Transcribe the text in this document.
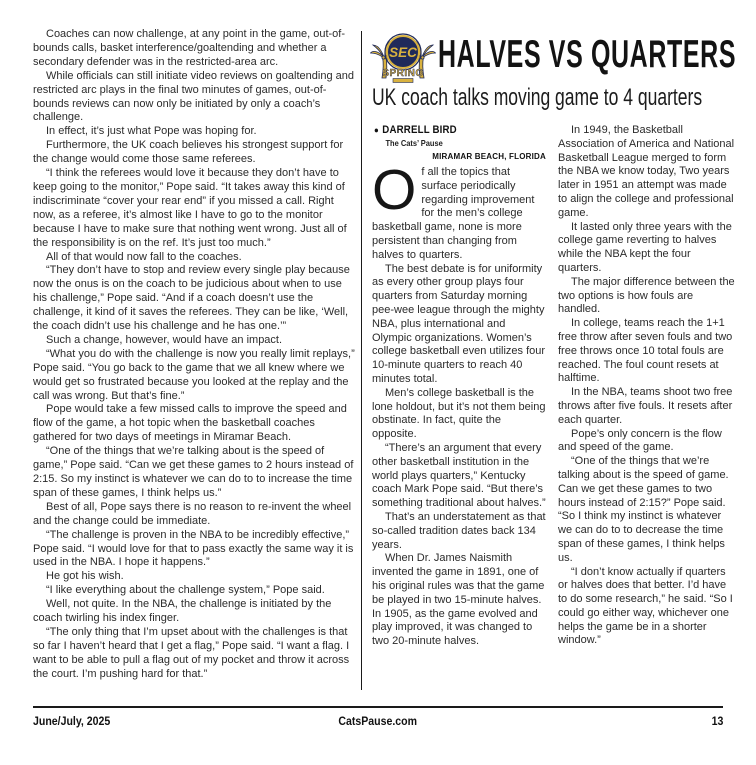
Coaches can now challenge, at any point in the game, out-of-bounds calls, basket interference/goaltending and whether a secondary defender was in the restricted-area arc.

While officials can still initiate video reviews on goaltending and restricted arc plays in the final two minutes of games, out-of-bounds reviews can now only be initiated by only a coach’s challenge.

In effect, it’s just what Pope was hoping for.

Furthermore, the UK coach believes his strongest support for the change would come those same referees.

“I think the referees would love it because they don’t have to keep going to the monitor,” Pope said. “It takes away this kind of indiscriminate “cover your rear end” if you missed a call. Right now, as a referee, it’s almost like I have to go to the monitor because I have to make sure that nothing went wrong. Just all of the responsibility is on the ref. It’s just too much.”

All of that would now fall to the coaches.

“They don’t have to stop and review every single play because now the onus is on the coach to be judicious about when to use his challenge,” Pope said. “And if a coach doesn’t use the challenge, it kind of it saves the referees. They can be like, ‘Well, the coach didn’t use his challenge and he has one.’”

Such a change, however, would have an impact.

“What you do with the challenge is now you really limit replays,” Pope said. “You go back to the game that we all knew where we would get so frustrated because you looked at the replay and the call was wrong. But that’s fine.”

Pope would take a few missed calls to improve the speed and flow of the game, a hot topic when the basketball coaches gathered for two days of meetings in Miramar Beach.

“One of the things that we’re talking about is the speed of game,” Pope said. “Can we get these games to 2 hours instead of 2:15. So my instinct is whatever we can do to to increase the time span of these games, I think helps us.”

Best of all, Pope says there is no reason to re-invent the wheel and the change could be immediate.

“The challenge is proven in the NBA to be incredibly effective,” Pope said. “I would love for that to pass exactly the same way it is used in the NBA. I hope it happens.”

He got his wish.

“I like everything about the challenge system,” Pope said.

Well, not quite. In the NBA, the challenge is initiated by the coach twirling his index finger.

“The only thing that I’m upset about with the challenges is that so far I haven’t heard that I get a flag,” Pope said. “I want a flag. I want to be able to pull a flag out of my pocket and throw it across the court. I’m pushing hard for that.”

SEC
SPRING HALVES VS QUARTERS
UK coach talks moving game to 4 quarters
● DARRELL BIRD
The Cats’ Pause
MIRAMAR BEACH, FLORIDA

Of all the topics that surface periodically regarding improvement for the men’s college basketball game, none is more persistent than changing from halves to quarters.

The best debate is for uniformity as every other group plays four quarters from Saturday morning pee-wee league through the mighty NBA, plus international and Olympic organizations. Women’s college basketball even utilizes four 10-minute quarters to reach 40 minutes total.

Men’s college basketball is the lone holdout, but it’s not them being obstinate. In fact, quite the opposite.

“There’s an argument that every other basketball institution in the world plays quarters,” Kentucky coach Mark Pope said. “But there’s something traditional about halves.”

That’s an understatement as that so-called tradition dates back 134 years.

When Dr. James Naismith invented the game in 1891, one of his original rules was that the game be played in two 15-minute halves. In 1905, as the game evolved and play improved, it was changed to two 20-minute halves.

In 1949, the Basketball Association of America and National Basketball League merged to form the NBA we know today, Two years later in 1951 an attempt was made to align the college and professional game.

It lasted only three years with the college game reverting to halves while the NBA kept the four quarters.

The major difference between the two options is how fouls are handled.

In college, teams reach the 1+1 free throw after seven fouls and two free throws once 10 total fouls are reached. The foul count resets at halftime.

In the NBA, teams shoot two free throws after five fouls. It resets after each quarter.

Pope’s only concern is the flow and speed of the game.

“One of the things that we’re talking about is the speed of game. Can we get these games to two hours instead of 2:15?” Pope said. “So I think my instinct is whatever we can do to to decrease the time span of these games, I think helps us.

“I don’t know actually if quarters or halves does that better. I’d have to do some research,” he said. “So I could go either way, whichever one helps the game be in a shorter window.”

June/July, 2025	CatsPause.com	13
